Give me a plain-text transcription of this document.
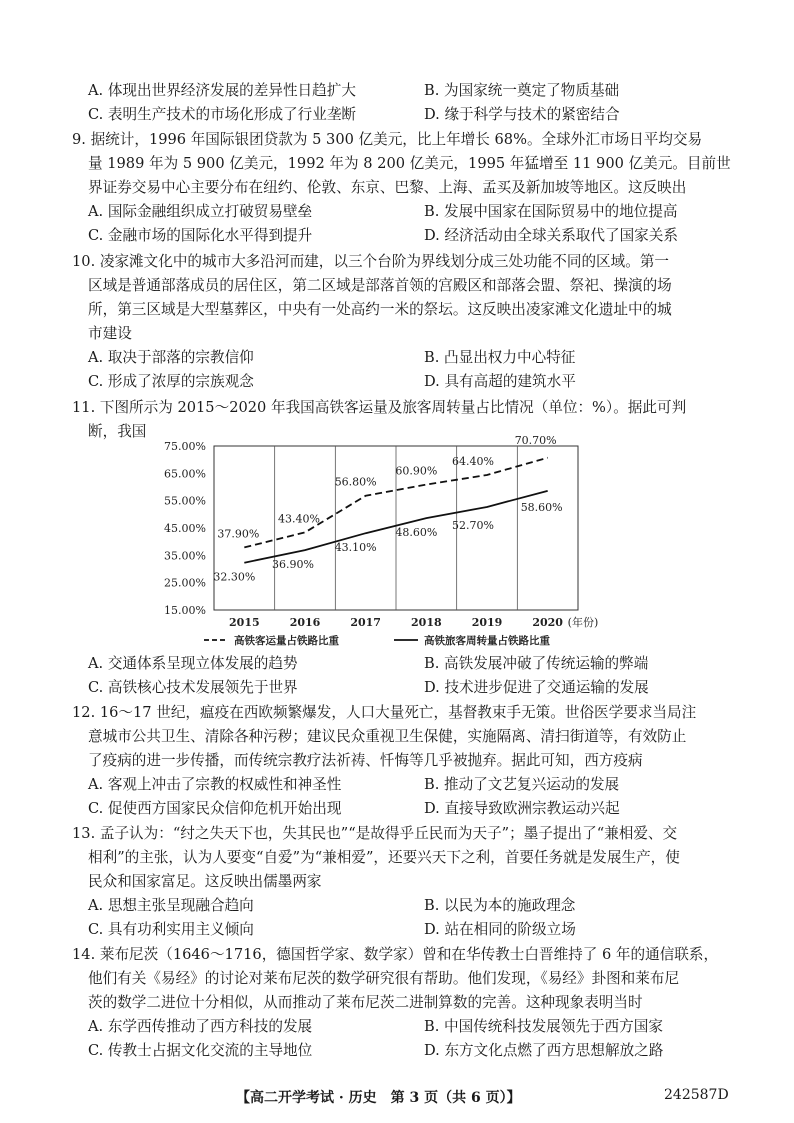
A. 体现出世界经济发展的差异性日趋扩大	B. 为国家统一奠定了物质基础
C. 表明生产技术的市场化形成了行业垄断	D. 缘于科学与技术的紧密结合
9. 据统计，1996 年国际银团贷款为 5 300 亿美元，比上年增长 68%。全球外汇市场日平均交易
量 1989 年为 5 900 亿美元，1992 年为 8 200 亿美元，1995 年猛增至 11 900 亿美元。目前世
界证券交易中心主要分布在纽约、伦敦、东京、巴黎、上海、孟买及新加坡等地区。这反映出
A. 国际金融组织成立打破贸易壁垒	B. 发展中国家在国际贸易中的地位提高
C. 金融市场的国际化水平得到提升	D. 经济活动由全球关系取代了国家关系
10. 凌家滩文化中的城市大多沿河而建，以三个台阶为界线划分成三处功能不同的区域。第一
区域是普通部落成员的居住区，第二区域是部落首领的宫殿区和部落会盟、祭祀、操演的场
所，第三区域是大型墓葬区，中央有一处高约一米的祭坛。这反映出凌家滩文化遗址中的城
市建设
A. 取决于部落的宗教信仰	B. 凸显出权力中心特征
C. 形成了浓厚的宗族观念	D. 具有高超的建筑水平
11. 下图所示为 2015～2020 年我国高铁客运量及旅客周转量占比情况（单位：%）。据此可判
断，我国
75.00%
65.00%
55.00%
45.00%
35.00%
25.00%
15.00%
37.90%
43.40%
56.80%
60.90%
64.40%
70.70%
32.30%
36.90%
43.10%
48.60%
52.70%
58.60%
2015	2016	2017	2018	2019	2020 (年份)
高铁客运量占铁路比重	高铁旅客周转量占铁路比重
A. 交通体系呈现立体发展的趋势	B. 高铁发展冲破了传统运输的弊端
C. 高铁核心技术发展领先于世界	D. 技术进步促进了交通运输的发展
12. 16～17 世纪，瘟疫在西欧频繁爆发，人口大量死亡，基督教束手无策。世俗医学要求当局注
意城市公共卫生、清除各种污秽；建议民众重视卫生保健，实施隔离、清扫街道等，有效防止
了疫病的进一步传播，而传统宗教疗法祈祷、忏悔等几乎被抛弃。据此可知，西方疫病
A. 客观上冲击了宗教的权威性和神圣性	B. 推动了文艺复兴运动的发展
C. 促使西方国家民众信仰危机开始出现	D. 直接导致欧洲宗教运动兴起
13. 孟子认为：“纣之失天下也，失其民也”“是故得乎丘民而为天子”；墨子提出了“兼相爱、交
相利”的主张，认为人要变“自爱”为“兼相爱”，还要兴天下之利，首要任务就是发展生产，使
民众和国家富足。这反映出儒墨两家
A. 思想主张呈现融合趋向	B. 以民为本的施政理念
C. 具有功利实用主义倾向	D. 站在相同的阶级立场
14. 莱布尼茨（1646～1716，德国哲学家、数学家）曾和在华传教士白晋维持了 6 年的通信联系，
他们有关《易经》的讨论对莱布尼茨的数学研究很有帮助。他们发现，《易经》卦图和莱布尼
茨的数学二进位十分相似，从而推动了莱布尼茨二进制算数的完善。这种现象表明当时
A. 东学西传推动了西方科技的发展	B. 中国传统科技发展领先于西方国家
C. 传教士占据文化交流的主导地位	D. 东方文化点燃了西方思想解放之路
【高二开学考试 · 历史　第 3 页（共 6 页）】	242587D
